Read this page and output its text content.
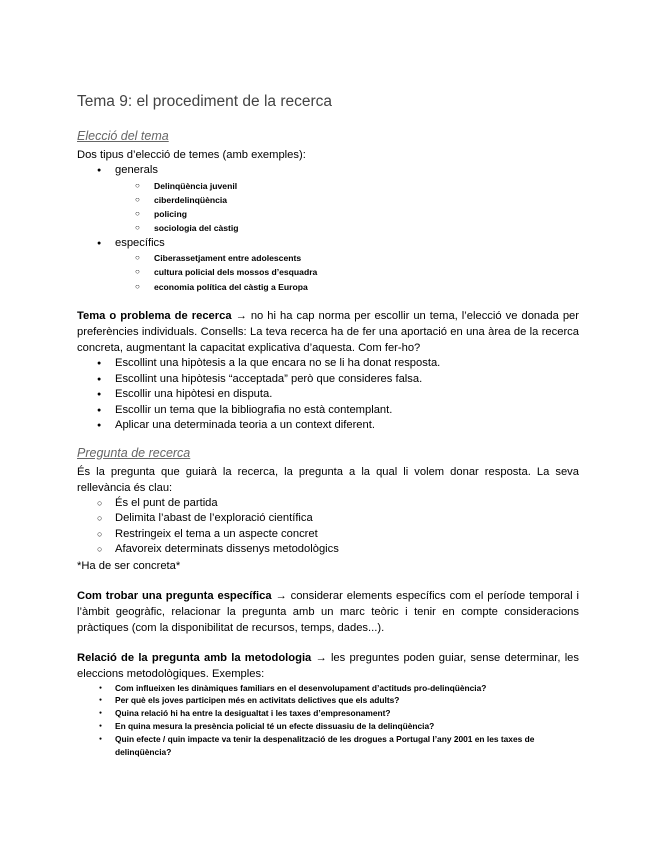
Tema 9: el procediment de la recerca
Elecció del tema

Dos tipus d’elecció de temes (amb exemples):

● generals
○ Delinqüència juvenil
○ ciberdelinqüència
○ policing
○ sociologia del càstig
● específics
○ Ciberassetjament entre adolescents
○ cultura policial dels mossos d’esquadra
○ economia política del càstig a Europa

Tema o problema de recerca → no hi ha cap norma per escollir un tema, l’elecció ve donada per preferències individuals. Consells: La teva recerca ha de fer una aportació en una àrea de la recerca concreta, augmentant la capacitat explicativa d’aquesta. Com fer-ho?

● Escollint una hipòtesis a la que encara no se li ha donat resposta.
● Escollint una hipòtesis “acceptada” però que consideres falsa.
● Escollir una hipòtesi en disputa.
● Escollir un tema que la bibliografia no està contemplant.
● Aplicar una determinada teoria a un context diferent.
Pregunta de recerca

És la pregunta que guiarà la recerca, la pregunta a la qual li volem donar resposta. La seva rellevància és clau:

○ És el punt de partida
○ Delimita l’abast de l’exploració científica
○ Restringeix el tema a un aspecte concret
○ Afavoreix determinats dissenys metodològics

*Ha de ser concreta*

Com trobar una pregunta específica → considerar elements específics com el període temporal i l’àmbit geogràfic, relacionar la pregunta amb un marc teòric i tenir en compte consideracions pràctiques (com la disponibilitat de recursos, temps, dades...).

Relació de la pregunta amb la metodologia → les preguntes poden guiar, sense determinar, les eleccions metodològiques. Exemples:

● Com influeixen les dinàmiques familiars en el desenvolupament d’actituds pro-delinqüència?
● Per què els joves participen més en activitats delictives que els adults?
● Quina relació hi ha entre la desigualtat i les taxes d’empresonament?
● En quina mesura la presència policial té un efecte dissuasiu de la delinqüència?
● Quin efecte / quin impacte va tenir la despenalització de les drogues a Portugal l’any 2001 en les taxes de delinqüència?
